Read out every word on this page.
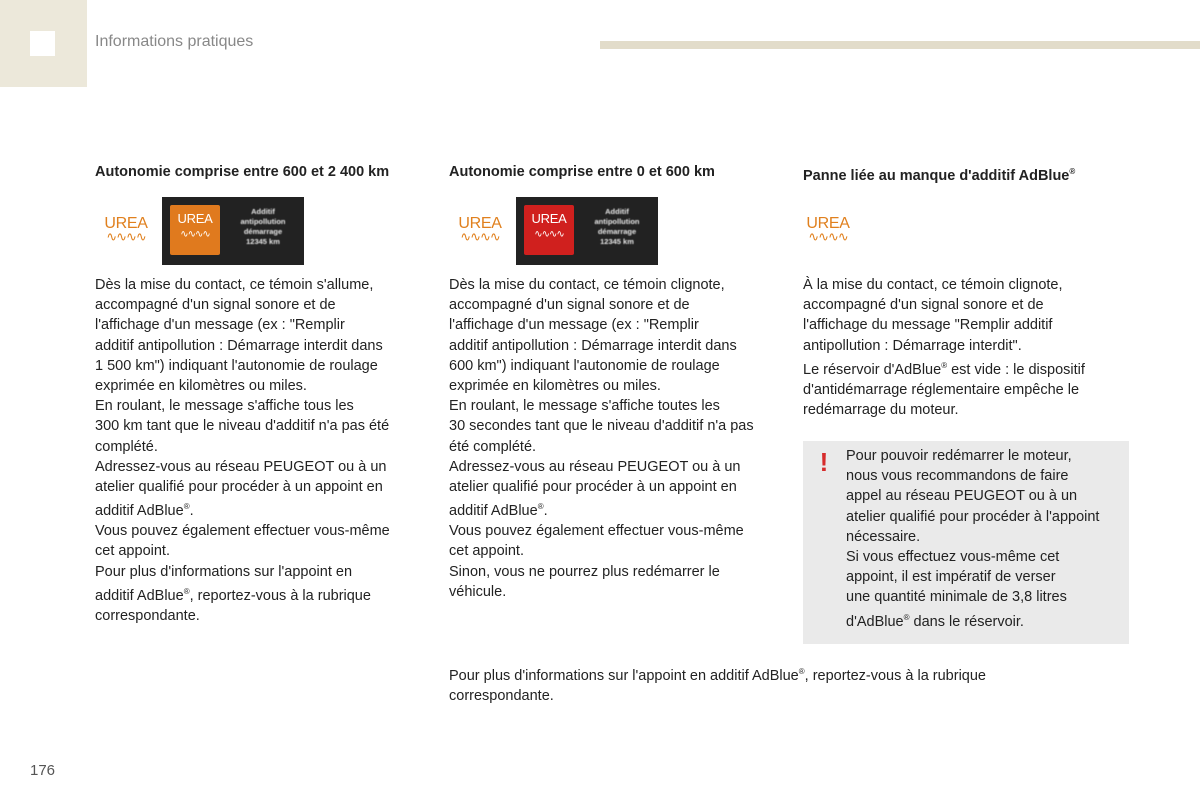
Informations pratiques
Autonomie comprise entre 600 et 2 400 km
UREA
∿∿∿∿
UREA
∿∿∿∿
Additif
antipollution
démarrage
12345 km

Dès la mise du contact, ce témoin s'allume,
accompagné d'un signal sonore et de
l'affichage d'un message (ex : "Remplir
additif antipollution : Démarrage interdit dans
1 500 km") indiquant l'autonomie de roulage
exprimée en kilomètres ou miles.

En roulant, le message s'affiche tous les
300 km tant que le niveau d'additif n'a pas été
complété.

Adressez-vous au réseau PEUGEOT ou à un
atelier qualifié pour procéder à un appoint en
additif AdBlue®.

Vous pouvez également effectuer vous-même
cet appoint.

Pour plus d'informations sur l'appoint en
additif AdBlue®, reportez-vous à la rubrique
correspondante.

Autonomie comprise entre 0 et 600 km
UREA
∿∿∿∿
UREA
∿∿∿∿
Additif
antipollution
démarrage
12345 km

Dès la mise du contact, ce témoin clignote,
accompagné d'un signal sonore et de
l'affichage d'un message (ex : "Remplir
additif antipollution : Démarrage interdit dans
600 km") indiquant l'autonomie de roulage
exprimée en kilomètres ou miles.

En roulant, le message s'affiche toutes les
30 secondes tant que le niveau d'additif n'a pas
été complété.

Adressez-vous au réseau PEUGEOT ou à un
atelier qualifié pour procéder à un appoint en
additif AdBlue®.

Vous pouvez également effectuer vous-même
cet appoint.

Sinon, vous ne pourrez plus redémarrer le
véhicule.

Panne liée au manque d'additif AdBlue®
UREA
∿∿∿∿

À la mise du contact, ce témoin clignote,
accompagné d'un signal sonore et de
l'affichage du message "Remplir additif
antipollution : Démarrage interdit".

Le réservoir d'AdBlue® est vide : le dispositif
d'antidémarrage réglementaire empêche le
redémarrage du moteur.

! Pour pouvoir redémarrer le moteur,
nous vous recommandons de faire
appel au réseau PEUGEOT ou à un
atelier qualifié pour procéder à l'appoint
nécessaire.

Si vous effectuez vous-même cet
appoint, il est impératif de verser
une quantité minimale de 3,8 litres
d'AdBlue® dans le réservoir.

Pour plus d'informations sur l'appoint en additif AdBlue®, reportez-vous à la rubrique
correspondante.

176
